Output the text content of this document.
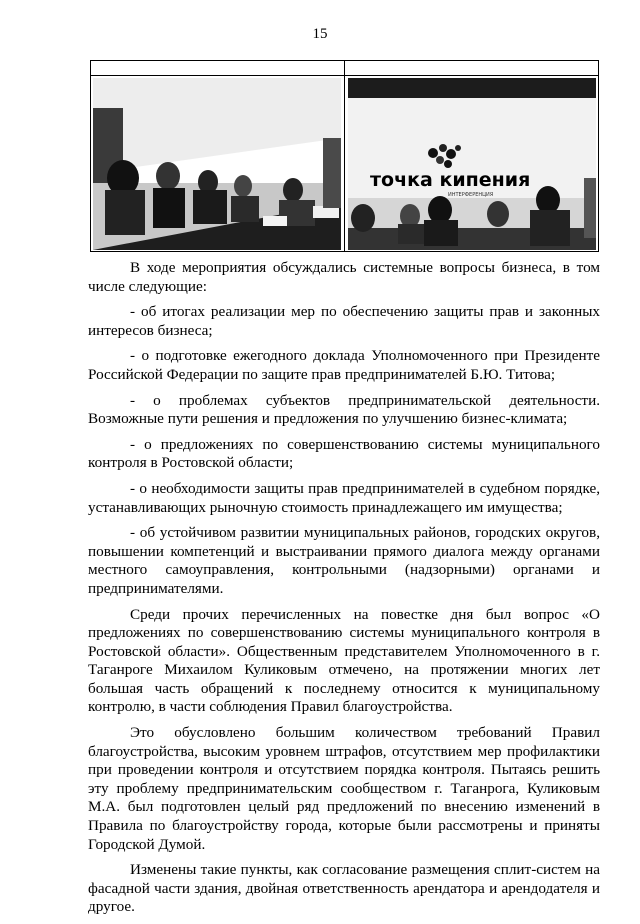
15
точка кипения
ИНТЕРФЕРЕНЦИЯ

В ходе мероприятия обсуждались системные вопросы бизнеса, в том числе следующие:

- об итогах реализации мер по обеспечению защиты прав и законных интересов бизнеса;

- о подготовке ежегодного доклада Уполномоченного при Президенте Российской Федерации по защите прав предпринимателей Б.Ю. Титова;

- о проблемах субъектов предпринимательской деятельности. Возможные пути решения и предложения по улучшению бизнес-климата;

- о предложениях по совершенствованию системы муниципального контроля в Ростовской области;

- о необходимости защиты прав предпринимателей в судебном порядке, устанавливающих рыночную стоимость принадлежащего им имущества;

- об устойчивом развитии муниципальных районов, городских округов, повышении компетенций и выстраивании прямого диалога между органами местного самоуправления, контрольными (надзорными) органами и предпринимателями.

Среди прочих перечисленных на повестке дня был вопрос «О предложениях по совершенствованию системы муниципального контроля в Ростовской области». Общественным представителем Уполномоченного в г. Таганроге Михаилом Куликовым отмечено, на протяжении многих лет большая часть обращений к последнему относится к муниципальному контролю, в части соблюдения Правил благоустройства.

Это обусловлено большим количеством требований Правил благоустройства, высоким уровнем штрафов, отсутствием мер профилактики при проведении контроля и отсутствием порядка контроля. Пытаясь решить эту проблему предпринимательским сообществом г. Таганрога, Куликовым М.А. был подготовлен целый ряд предложений по внесению изменений в Правила по благоустройству города, которые были рассмотрены и приняты Городской Думой.

Изменены такие пункты, как согласование размещения сплит-систем на фасадной части здания, двойная ответственность арендатора и арендодателя и другое.
